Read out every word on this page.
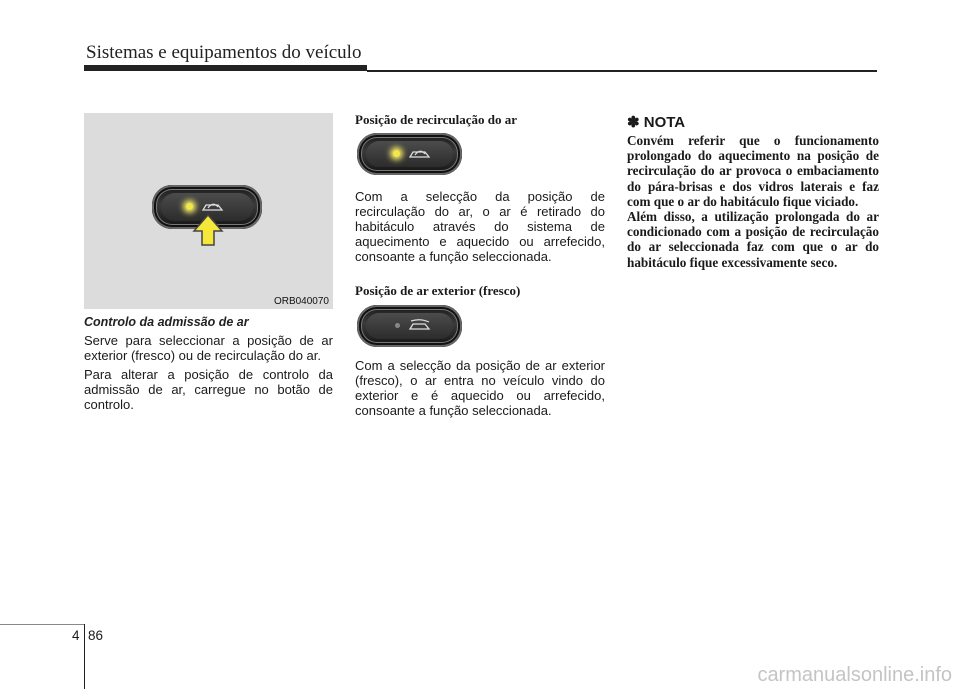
Sistemas e equipamentos do veículo
ORB040070
Controlo da admissão de ar

Serve para seleccionar a posição de ar exterior (fresco) ou de recirculação do ar.

Para alterar a posição de controlo da admissão de ar, carregue no botão de controlo.

Posição de recirculação do ar

Com a selecção da posição de recirculação do ar, o ar é retirado do habitáculo através do sistema de aquecimento e aquecido ou arrefecido, consoante a função seleccionada.

Posição de ar exterior (fresco)

Com a selecção da posição de ar exterior (fresco), o ar entra no veículo vindo do exterior e é aquecido ou arrefecido, consoante a função seleccionada.

✽ NOTA

Convém referir que o funcionamento prolongado do aquecimento na posição de recirculação do ar provoca o embaciamento do pára-brisas e dos vidros laterais e faz com que o ar do habitáculo fique viciado.

Além disso, a utilização prolongada do ar condicionado com a posição de recirculação do ar seleccionada faz com que o ar do habitáculo fique excessivamente seco.

4 86
carmanualsonline.info
